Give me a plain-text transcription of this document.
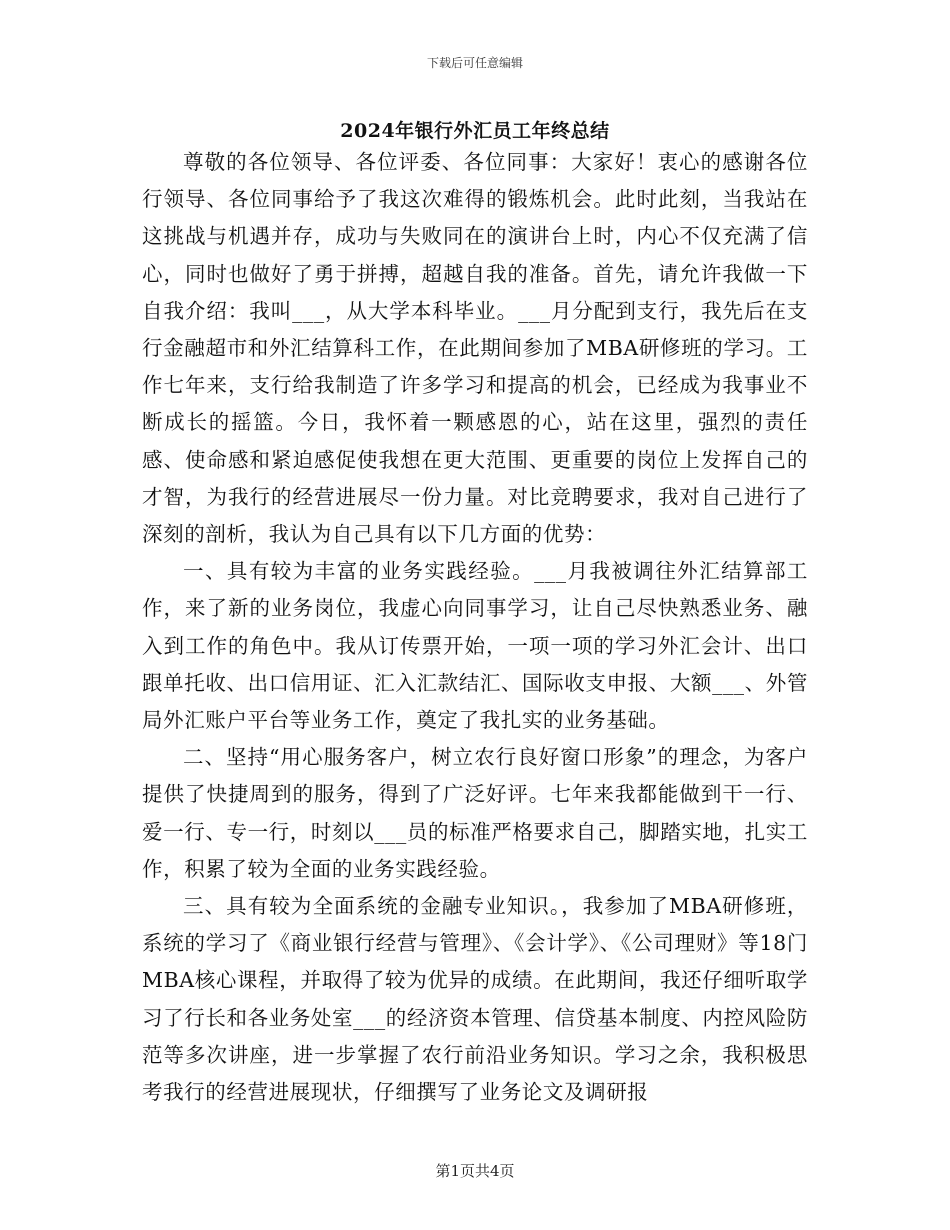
下载后可任意编辑
2024年银行外汇员工年终总结

尊敬的各位领导、各位评委、各位同事：大家好！衷心的感谢各位行领导、各位同事给予了我这次难得的锻炼机会。此时此刻，当我站在这挑战与机遇并存，成功与失败同在的演讲台上时，内心不仅充满了信心，同时也做好了勇于拼搏，超越自我的准备。首先，请允许我做一下自我介绍：我叫___，从大学本科毕业。___月分配到支行，我先后在支行金融超市和外汇结算科工作，在此期间参加了MBA研修班的学习。工作七年来，支行给我制造了许多学习和提高的机会，已经成为我事业不断成长的摇篮。今日，我怀着一颗感恩的心，站在这里，强烈的责任感、使命感和紧迫感促使我想在更大范围、更重要的岗位上发挥自己的才智，为我行的经营进展尽一份力量。对比竞聘要求，我对自己进行了深刻的剖析，我认为自己具有以下几方面的优势：

一、具有较为丰富的业务实践经验。___月我被调往外汇结算部工作，来了新的业务岗位，我虚心向同事学习，让自己尽快熟悉业务、融入到工作的角色中。我从订传票开始，一项一项的学习外汇会计、出口跟单托收、出口信用证、汇入汇款结汇、国际收支申报、大额___、外管局外汇账户平台等业务工作，奠定了我扎实的业务基础。

二、坚持“用心服务客户，树立农行良好窗口形象”的理念，为客户提供了快捷周到的服务，得到了广泛好评。七年来我都能做到干一行、爱一行、专一行，时刻以___员的标准严格要求自己，脚踏实地，扎实工作，积累了较为全面的业务实践经验。

三、具有较为全面系统的金融专业知识。，我参加了MBA研修班，系统的学习了《商业银行经营与管理》、《会计学》、《公司理财》等18门MBA核心课程，并取得了较为优异的成绩。在此期间，我还仔细听取学习了行长和各业务处室___的经济资本管理、信贷基本制度、内控风险防范等多次讲座，进一步掌握了农行前沿业务知识。学习之余，我积极思考我行的经营进展现状，仔细撰写了业务论文及调研报

第1页共4页
